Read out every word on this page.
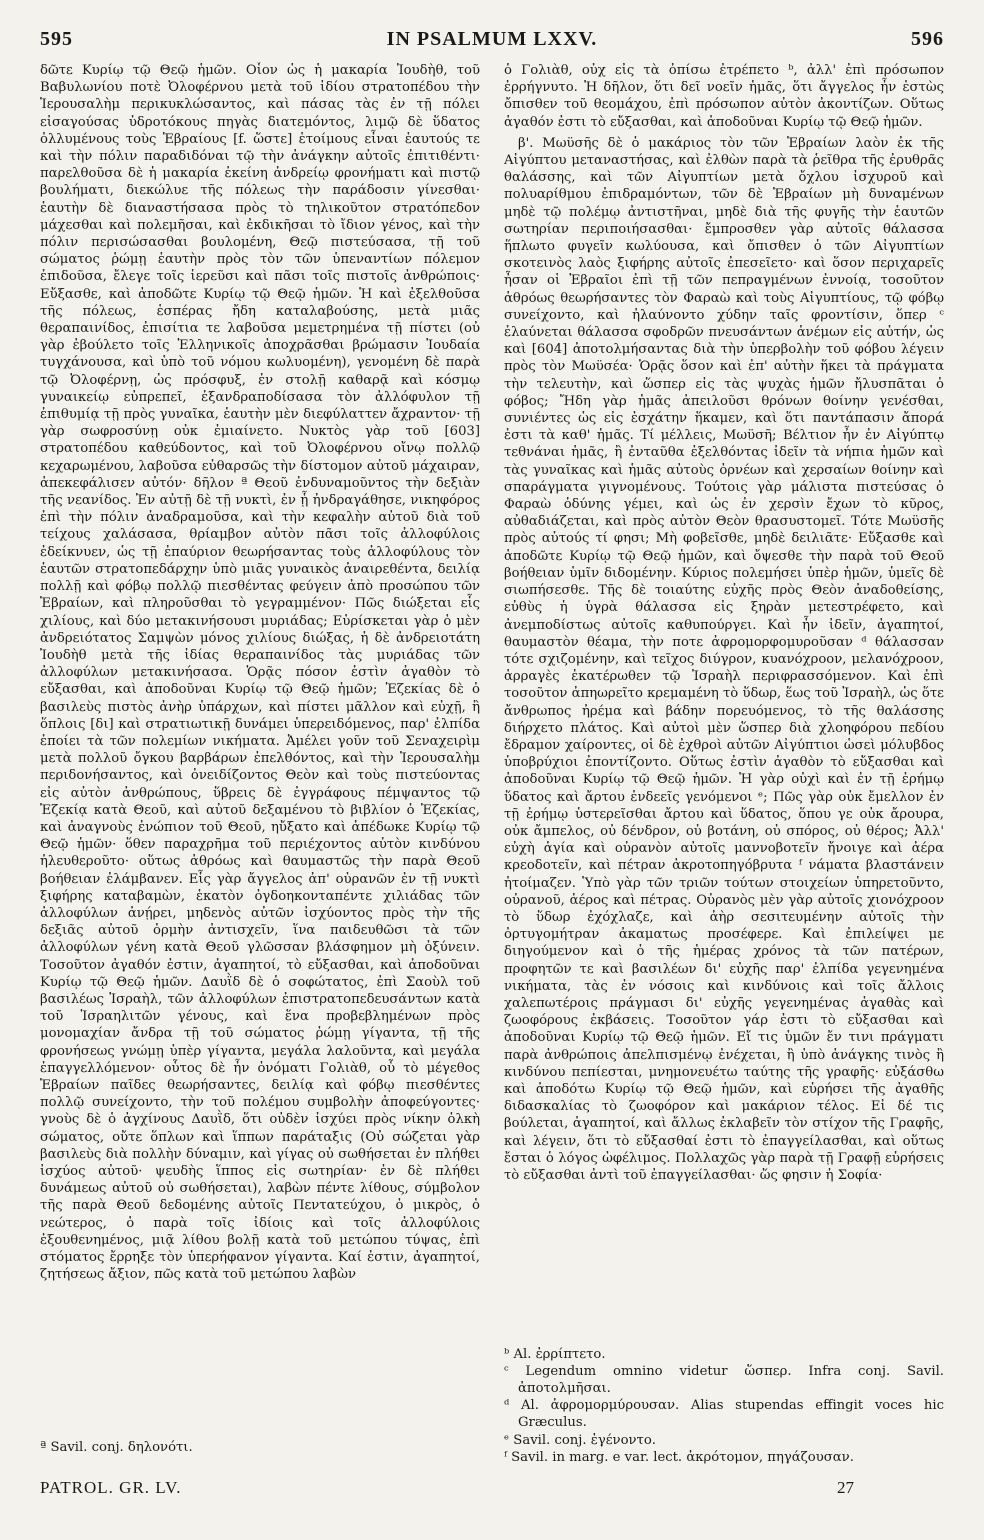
595	IN PSALMUM LXXV.	596

δῶτε Κυρίῳ τῷ Θεῷ ἡμῶν. Οἷον ὡς ἡ μακαρία Ἰουδὴθ, τοῦ Βαβυλωνίου ποτὲ Ὀλοφέρνου μετὰ τοῦ ἰδίου στρατοπέδου τὴν Ἱερουσαλὴμ περικυκλώσαντος, καὶ πάσας τὰς ἐν τῇ πόλει εἰσαγούσας ὑδροτόκους πηγὰς διατεμόντος, λιμῷ δὲ ὕδατος ὀλλυμένους τοὺς Ἑβραίους [f. ὥστε] ἑτοίμους εἶναι ἑαυτούς τε καὶ τὴν πόλιν παραδιδόναι τῷ τὴν ἀνάγκην αὐτοῖς ἐπιτιθέντι· παρελθοῦσα δὲ ἡ μακαρία ἐκείνη ἀνδρείῳ φρονήματι καὶ πιστῷ βουλήματι, διεκώλυε τῆς πόλεως τὴν παράδοσιν γίνεσθαι· ἑαυτὴν δὲ διαναστήσασα πρὸς τὸ τηλικοῦτον στρατόπεδον μάχεσθαι καὶ πολεμῆσαι, καὶ ἐκδικῆσαι τὸ ἴδιον γένος, καὶ τὴν πόλιν περισώσασθαι βουλομένη, Θεῷ πιστεύσασα, τῇ τοῦ σώματος ῥώμῃ ἑαυτὴν πρὸς τὸν τῶν ὑπεναντίων πόλεμον ἐπιδοῦσα, ἔλεγε τοῖς ἱερεῦσι καὶ πᾶσι τοῖς πιστοῖς ἀνθρώποις· Εὔξασθε, καὶ ἀποδῶτε Κυρίῳ τῷ Θεῷ ἡμῶν. Ἡ καὶ ἐξελθοῦσα τῆς πόλεως, ἑσπέρας ἤδη καταλαβούσης, μετὰ μιᾶς θεραπαινίδος, ἐπισίτια τε λαβοῦσα μεμετρημένα τῇ πίστει (οὐ γὰρ ἐβούλετο τοῖς Ἑλληνικοῖς ἀποχρᾶσθαι βρώμασιν Ἰουδαία τυγχάνουσα, καὶ ὑπὸ τοῦ νόμου κωλυομένη), γενομένη δὲ παρὰ τῷ Ὀλοφέρνῃ, ὡς πρόσφυξ, ἐν στολῇ καθαρᾷ καὶ κόσμῳ γυναικείῳ εὐπρεπεῖ, ἐξανδραποδίσασα τὸν ἀλλόφυλον τῇ ἐπιθυμίᾳ τῇ πρὸς γυναῖκα, ἑαυτὴν μὲν διεφύλαττεν ἄχραντον· τῇ γὰρ σωφροσύνῃ οὐκ ἐμιαίνετο. Νυκτὸς γὰρ τοῦ [603] στρατοπέδου καθεύδοντος, καὶ τοῦ Ὀλοφέρνου οἴνῳ πολλῷ κεχαρωμένου, λαβοῦσα εὐθαρσῶς τὴν δίστομον αὐτοῦ μάχαιραν, ἀπεκεφάλισεν αὐτόν· δῆλον ª Θεοῦ ἐνδυναμοῦντος τὴν δεξιὰν τῆς νεανίδος. Ἐν αὐτῇ δὲ τῇ νυκτὶ, ἐν ᾗ ἠνδραγάθησε, νικηφόρος ἐπὶ τὴν πόλιν ἀναδραμοῦσα, καὶ τὴν κεφαλὴν αὐτοῦ διὰ τοῦ τείχους χαλάσασα, θρίαμβον αὐτὸν πᾶσι τοῖς ἀλλοφύλοις ἐδείκνυεν, ὡς τῇ ἐπαύριον θεωρήσαντας τοὺς ἀλλοφύλους τὸν ἑαυτῶν στρατοπεδάρχην ὑπὸ μιᾶς γυναικὸς ἀναιρεθέντα, δειλίᾳ πολλῇ καὶ φόβῳ πολλῷ πιεσθέντας φεύγειν ἀπὸ προσώπου τῶν Ἑβραίων, καὶ πληροῦσθαι τὸ γεγραμμένον· Πῶς διώξεται εἷς χιλίους, καὶ δύο μετακινήσουσι μυριάδας; Εὑρίσκεται γὰρ ὁ μὲν ἀνδρειότατος Σαμψὼν μόνος χιλίους διώξας, ἡ δὲ ἀνδρειοτάτη Ἰουδὴθ μετὰ τῆς ἰδίας θεραπαινίδος τὰς μυριάδας τῶν ἀλλοφύλων μετακινήσασα. Ὁρᾷς πόσον ἐστὶν ἀγαθὸν τὸ εὔξασθαι, καὶ ἀποδοῦναι Κυρίῳ τῷ Θεῷ ἡμῶν; Ἐζεκίας δὲ ὁ βασιλεὺς πιστὸς ἀνὴρ ὑπάρχων, καὶ πίστει μᾶλλον καὶ εὐχῇ, ἢ ὅπλοις [δι] καὶ στρατιωτικῇ δυνάμει ὑπερειδόμενος, παρ' ἐλπίδα ἐποίει τὰ τῶν πολεμίων νικήματα. Ἀμέλει γοῦν τοῦ Σεναχειρὶμ μετὰ πολλοῦ ὄγκου βαρβάρων ἐπελθόντος, καὶ τὴν Ἱερουσαλὴμ περιδονήσαντος, καὶ ὀνειδίζοντος Θεὸν καὶ τοὺς πιστεύοντας εἰς αὐτὸν ἀνθρώπους, ὕβρεις δὲ ἐγγράφους πέμψαντος τῷ Ἐζεκίᾳ κατὰ Θεοῦ, καὶ αὐτοῦ δεξαμένου τὸ βιβλίον ὁ Ἐζεκίας, καὶ ἀναγνοὺς ἐνώπιον τοῦ Θεοῦ, ηὔξατο καὶ ἀπέδωκε Κυρίῳ τῷ Θεῷ ἡμῶν· ὅθεν παραχρῆμα τοῦ περιέχοντος αὐτὸν κινδύνου ἠλευθεροῦτο· οὕτως ἀθρόως καὶ θαυμαστῶς τὴν παρὰ Θεοῦ βοήθειαν ἐλάμβανεν. Εἷς γὰρ ἄγγελος ἀπ' οὐρανῶν ἐν τῇ νυκτὶ ξιφήρης καταβαμὼν, ἑκατὸν ὀγδοηκονταπέντε χιλιάδας τῶν ἀλλοφύλων ἀνῄρει, μηδενὸς αὐτῶν ἰσχύοντος πρὸς τὴν τῆς δεξιᾶς αὐτοῦ ὁρμὴν ἀντισχεῖν, ἵνα παιδευθῶσι τὰ τῶν ἀλλοφύλων γένη κατὰ Θεοῦ γλῶσσαν βλάσφημον μὴ ὀξύνειν. Τοσοῦτον ἀγαθόν ἐστιν, ἀγαπητοί, τὸ εὔξασθαι, καὶ ἀποδοῦναι Κυρίῳ τῷ Θεῷ ἡμῶν. Δαυῒδ δὲ ὁ σοφώτατος, ἐπὶ Σαοὺλ τοῦ βασιλέως Ἰσραὴλ, τῶν ἀλλοφύλων ἐπιστρατοπεδευσάντων κατὰ τοῦ Ἰσραηλιτῶν γένους, καὶ ἕνα προβεβλημένων πρὸς μονομαχίαν ἄνδρα τῇ τοῦ σώματος ῥώμῃ γίγαντα, τῇ τῆς φρονήσεως γνώμῃ ὑπὲρ γίγαντα, μεγάλα λαλοῦντα, καὶ μεγάλα ἐπαγγελλόμενον· οὗτος δὲ ἦν ὀνόματι Γολιὰθ, οὗ τὸ μέγεθος Ἑβραίων παῖδες θεωρήσαντες, δειλίᾳ καὶ φόβῳ πιεσθέντες πολλῷ συνείχοντο, τὴν τοῦ πολέμου συμβολὴν ἀποφεύγοντες· γνοὺς δὲ ὁ ἀγχίνους Δαυῒδ, ὅτι οὐδὲν ἰσχύει πρὸς νίκην ὁλκὴ σώματος, οὔτε ὅπλων καὶ ἵππων παράταξις (Οὐ σώζεται γὰρ βασιλεὺς διὰ πολλὴν δύναμιν, καὶ γίγας οὐ σωθήσεται ἐν πλήθει ἰσχύος αὐτοῦ· ψευδὴς ἵππος εἰς σωτηρίαν· ἐν δὲ πλήθει δυνάμεως αὐτοῦ οὐ σωθήσεται), λαβὼν πέντε λίθους, σύμβολον τῆς παρὰ Θεοῦ δεδομένης αὐτοῖς Πεντατεύχου, ὁ μικρὸς, ὁ νεώτερος, ὁ παρὰ τοῖς ἰδίοις καὶ τοῖς ἀλλοφύλοις ἐξουθενημένος, μιᾷ λίθου βολῇ κατὰ τοῦ μετώπου τύψας, ἐπὶ στόματος ἔρρηξε τὸν ὑπερήφανον γίγαντα. Καί ἐστιν, ἀγαπητοί, ζητήσεως ἄξιον, πῶς κατὰ τοῦ μετώπου λαβὼν

ª Savil. conj. δηλονότι.

PATROL. GR. LV.

ὁ Γολιὰθ, οὐχ εἰς τὰ ὀπίσω ἐτρέπετο ᵇ, ἀλλ' ἐπὶ πρόσωπον ἐρρήγνυτο. Ἡ δῆλον, ὅτι δεῖ νοεῖν ἡμᾶς, ὅτι ἄγγελος ἦν ἑστὼς ὄπισθεν τοῦ θεομάχου, ἐπὶ πρόσωπον αὐτὸν ἀκοντίζων. Οὕτως ἀγαθόν ἐστι τὸ εὔξασθαι, καὶ ἀποδοῦναι Κυρίῳ τῷ Θεῷ ἡμῶν.

β'. Μωϋσῆς δὲ ὁ μακάριος τὸν τῶν Ἑβραίων λαὸν ἐκ τῆς Αἰγύπτου μεταναστήσας, καὶ ἐλθὼν παρὰ τὰ ῥεῖθρα τῆς ἐρυθρᾶς θαλάσσης, καὶ τῶν Αἰγυπτίων μετὰ ὄχλου ἰσχυροῦ καὶ πολυαρίθμου ἐπιδραμόντων, τῶν δὲ Ἑβραίων μὴ δυναμένων μηδὲ τῷ πολέμῳ ἀντιστῆναι, μηδὲ διὰ τῆς φυγῆς τὴν ἑαυτῶν σωτηρίαν περιποιήσασθαι· ἔμπροσθεν γὰρ αὐτοῖς θάλασσα ἥπλωτο φυγεῖν κωλύουσα, καὶ ὄπισθεν ὁ τῶν Αἰγυπτίων σκοτεινὸς λαὸς ξιφήρης αὐτοῖς ἐπεσεῖετο· καὶ ὅσον περιχαρεῖς ἦσαν οἱ Ἑβραῖοι ἐπὶ τῇ τῶν πεπραγμένων ἐννοίᾳ, τοσοῦτον ἀθρόως θεωρήσαντες τὸν Φαραὼ καὶ τοὺς Αἰγυπτίους, τῷ φόβῳ συνείχοντο, καὶ ἠλαύνοντο χύδην ταῖς φροντίσιν, ὅπερ ᶜ ἐλαύνεται θάλασσα σφοδρῶν πνευσάντων ἀνέμων εἰς αὐτήν, ὡς καὶ [604] ἀποτολμήσαντας διὰ τὴν ὑπερβολὴν τοῦ φόβου λέγειν πρὸς τὸν Μωϋσέα· Ὁρᾷς ὅσον καὶ ἐπ' αὐτὴν ἥκει τὰ πράγματα τὴν τελευτὴν, καὶ ὥσπερ εἰς τὰς ψυχὰς ἡμῶν ἤλυσπᾶται ὁ φόβος; Ἤδη γὰρ ἡμᾶς ἀπειλοῦσι θρόνων θοίνην γενέσθαι, συνιέντες ὡς εἰς ἐσχάτην ἥκαμεν, καὶ ὅτι παντάπασιν ἄπορά ἐστι τὰ καθ' ἡμᾶς. Τί μέλλεις, Μωϋσῆ; Βέλτιον ἦν ἐν Αἰγύπτῳ τεθνάναι ἡμᾶς, ἢ ἐνταῦθα ἐξελθόντας ἰδεῖν τὰ νήπια ἡμῶν καὶ τὰς γυναῖκας καὶ ἡμᾶς αὐτοὺς ὀρνέων καὶ χερσαίων θοίνην καὶ σπαράγματα γιγνομένους. Τούτοις γὰρ μάλιστα πιστεύσας ὁ Φαραὼ ὀδύνης γέμει, καὶ ὡς ἐν χερσὶν ἔχων τὸ κῦρος, αὐθαδιάζεται, καὶ πρὸς αὐτὸν Θεὸν θρασυστομεῖ. Τότε Μωϋσῆς πρὸς αὐτούς τί φησι; Μὴ φοβεῖσθε, μηδὲ δειλιᾶτε· Εὔξασθε καὶ ἀποδῶτε Κυρίῳ τῷ Θεῷ ἡμῶν, καὶ ὄψεσθε τὴν παρὰ τοῦ Θεοῦ βοήθειαν ὑμῖν διδομένην. Κύριος πολεμήσει ὑπὲρ ἡμῶν, ὑμεῖς δὲ σιωπήσεσθε. Τῆς δὲ τοιαύτης εὐχῆς πρὸς Θεὸν ἀναδοθείσης, εὐθὺς ἡ ὑγρὰ θάλασσα εἰς ξηρὰν μετεστρέφετο, καὶ ἀνεμποδίστως αὐτοῖς καθυπούργει. Καὶ ἦν ἰδεῖν, ἀγαπητοί, θαυμαστὸν θέαμα, τὴν ποτε ἀφρομορφομυροῦσαν ᵈ θάλασσαν τότε σχιζομένην, καὶ τεῖχος διύγρον, κυανόχροον, μελανόχροον, ἀρραγὲς ἑκατέρωθεν τῷ Ἰσραὴλ περιφρασσόμενον. Καὶ ἐπὶ τοσοῦτον ἀπηωρεῖτο κρεμαμένη τὸ ὕδωρ, ἕως τοῦ Ἰσραὴλ, ὡς ὅτε ἄνθρωπος ἠρέμα καὶ βάδην πορευόμενος, τὸ τῆς θαλάσσης διήρχετο πλάτος. Καὶ αὐτοὶ μὲν ὥσπερ διὰ χλοηφόρου πεδίου ἔδραμον χαίροντες, οἱ δὲ ἐχθροὶ αὐτῶν Αἰγύπτιοι ὡσεὶ μόλυβδος ὑποβρύχιοι ἐποντίζοντο. Οὕτως ἐστὶν ἀγαθὸν τὸ εὔξασθαι καὶ ἀποδοῦναι Κυρίῳ τῷ Θεῷ ἡμῶν. Ἡ γὰρ οὐχὶ καὶ ἐν τῇ ἐρήμῳ ὕδατος καὶ ἄρτου ἐνδεεῖς γενόμενοι ᵉ; Πῶς γὰρ οὐκ ἔμελλον ἐν τῇ ἐρήμῳ ὑστερεῖσθαι ἄρτου καὶ ὕδατος, ὅπου γε οὐκ ἄρουρα, οὐκ ἄμπελος, οὐ δένδρον, οὐ βοτάνη, οὐ σπόρος, οὐ θέρος; Ἀλλ' εὐχὴ ἁγία καὶ οὐρανὸν αὐτοῖς μαννοβοτεῖν ἤνοιγε καὶ ἀέρα κρεοδοτεῖν, καὶ πέτραν ἀκροτοπηγόβρυτα ᶠ νάματα βλαστάνειν ἠτοίμαζεν. Ὑπὸ γὰρ τῶν τριῶν τούτων στοιχείων ὑπηρετοῦντο, οὐρανοῦ, ἀέρος καὶ πέτρας. Οὐρανὸς μὲν γὰρ αὐτοῖς χιονόχροον τὸ ὕδωρ ἐχόχλαζε, καὶ ἀὴρ σεσιτευμένην αὐτοῖς τὴν ὀρτυγομήτραν ἀκαματως προσέφερε. Καὶ ἐπιλείψει με διηγούμενον καὶ ὁ τῆς ἡμέρας χρόνος τὰ τῶν πατέρων, προφητῶν τε καὶ βασιλέων δι' εὐχῆς παρ' ἐλπίδα γεγενημένα νικήματα, τὰς ἐν νόσοις καὶ κινδύνοις καὶ τοῖς ἄλλοις χαλεπωτέροις πράγμασι δι' εὐχῆς γεγενημένας ἀγαθὰς καὶ ζωοφόρους ἐκβάσεις. Τοσοῦτον γάρ ἐστι τὸ εὔξασθαι καὶ ἀποδοῦναι Κυρίῳ τῷ Θεῷ ἡμῶν. Εἴ τις ὑμῶν ἔν τινι πράγματι παρὰ ἀνθρώποις ἀπελπισμένῳ ἐνέχεται, ἢ ὑπὸ ἀνάγκης τινὸς ἢ κινδύνου πεπίεσται, μνημονευέτω ταύτης τῆς γραφῆς· εὐξάσθω καὶ ἀποδότω Κυρίῳ τῷ Θεῷ ἡμῶν, καὶ εὑρήσει τῆς ἀγαθῆς διδασκαλίας τὸ ζωοφόρον καὶ μακάριον τέλος. Εἰ δέ τις βούλεται, ἀγαπητοί, καὶ ἄλλως ἐκλαβεῖν τὸν στίχον τῆς Γραφῆς, καὶ λέγειν, ὅτι τὸ εὔξασθαί ἐστι τὸ ἐπαγγείλασθαι, καὶ οὕτως ἔσται ὁ λόγος ὠφέλιμος. Πολλαχῶς γὰρ παρὰ τῇ Γραφῇ εὑρήσεις τὸ εὔξασθαι ἀντὶ τοῦ ἐπαγγείλασθαι· ὥς φησιν ἡ Σοφία·

ᵇ Al. ἐρρίπτετο.

ᶜ Legendum omnino videtur ὥσπερ. Infra conj. Savil. ἀποτολμῆσαι.

ᵈ Al. ἀφρομορμύρουσαν. Alias stupendas effingit voces hic Græculus.

ᵉ Savil. conj. ἐγένοντο.

ᶠ Savil. in marg. e var. lect. ἀκρότομον, πηγάζουσαν.

27
